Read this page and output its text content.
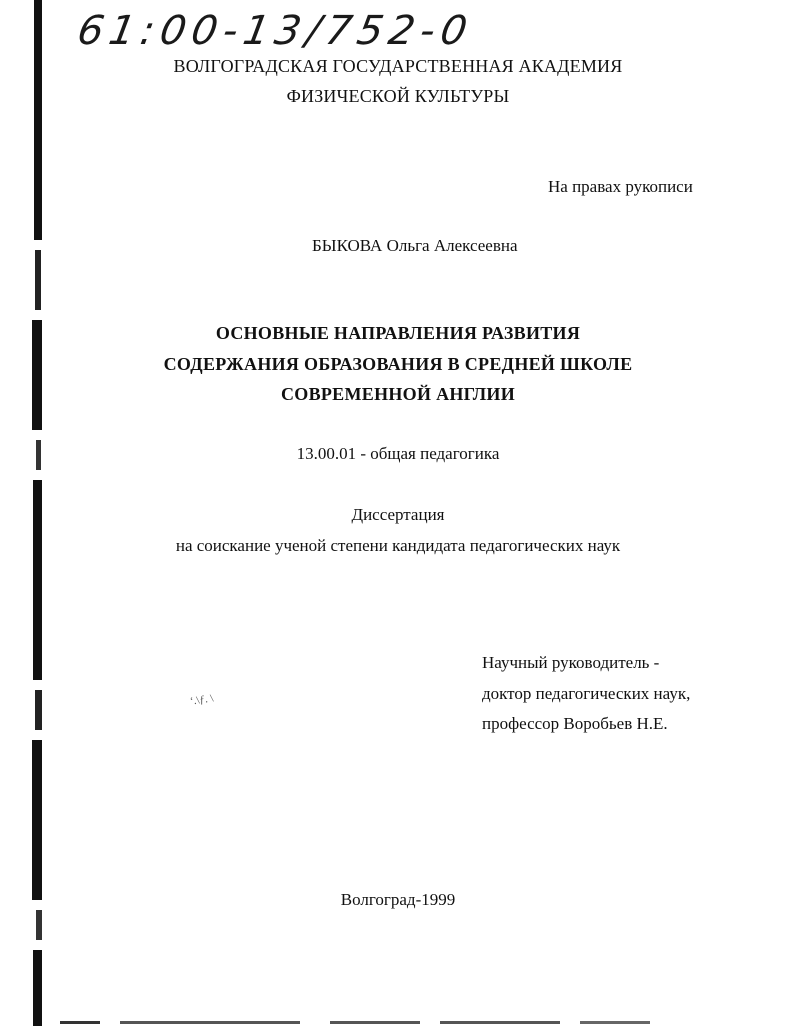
61:00-13/752-0
ВОЛГОГРАДСКАЯ ГОСУДАРСТВЕННАЯ АКАДЕМИЯ
ФИЗИЧЕСКОЙ КУЛЬТУРЫ
На правах рукописи
БЫКОВА Ольга Алексеевна
ОСНОВНЫЕ НАПРАВЛЕНИЯ РАЗВИТИЯ
СОДЕРЖАНИЯ ОБРАЗОВАНИЯ В СРЕДНЕЙ ШКОЛЕ
СОВРЕМЕННОЙ АНГЛИИ
13.00.01 - общая педагогика
Диссертация
на соискание ученой степени кандидата педагогических наук
Научный руководитель -
доктор педагогических наук,
профессор Воробьев Н.Е.
ʻ.\ƒ. \
Волгоград-1999
